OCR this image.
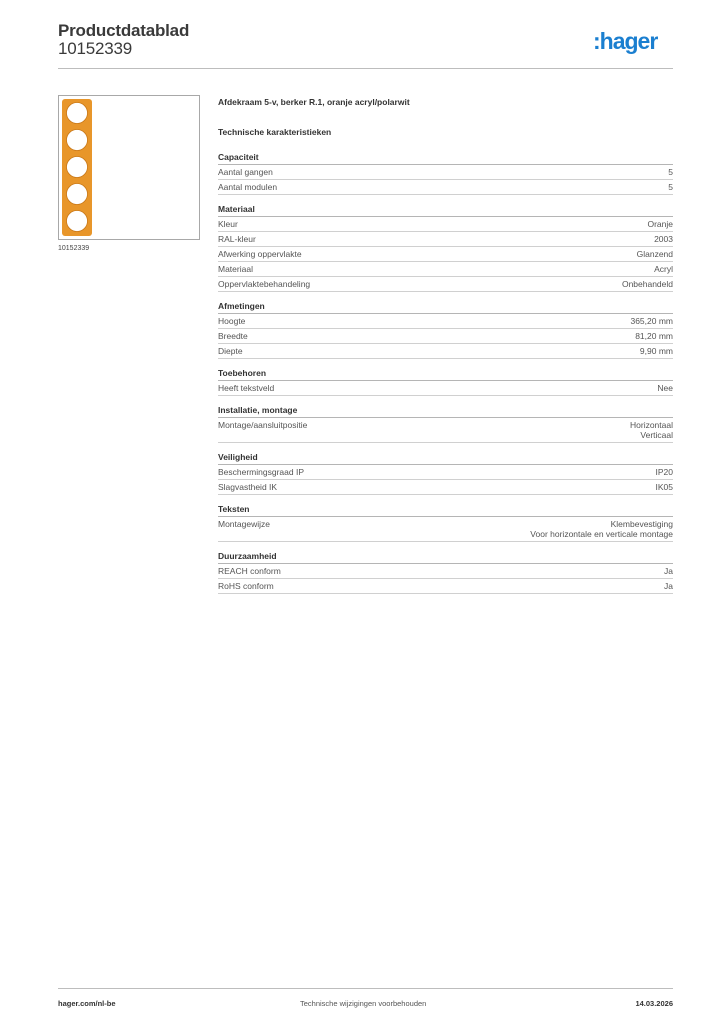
Productdatablad
10152339	:hager
10152339
Afdekraam 5-v, berker R.1, oranje acryl/polarwit
Technische karakteristieken
Capaciteit
Aantal gangen	5
Aantal modulen	5
Materiaal
Kleur	Oranje
RAL-kleur	2003
Afwerking oppervlakte	Glanzend
Materiaal	Acryl
Oppervlaktebehandeling	Onbehandeld
Afmetingen
Hoogte	365,20 mm
Breedte	81,20 mm
Diepte	9,90 mm
Toebehoren
Heeft tekstveld	Nee
Installatie, montage
Montage/aansluitpositie	Horizontaal
Verticaal
Veiligheid
Beschermingsgraad IP	IP20
Slagvastheid IK	IK05
Teksten
Montagewijze	Klembevestiging
Voor horizontale en verticale montage
Duurzaamheid
REACH conform	Ja
RoHS conform	Ja
hager.com/nl-be	Technische wijzigingen voorbehouden	14.03.2026
